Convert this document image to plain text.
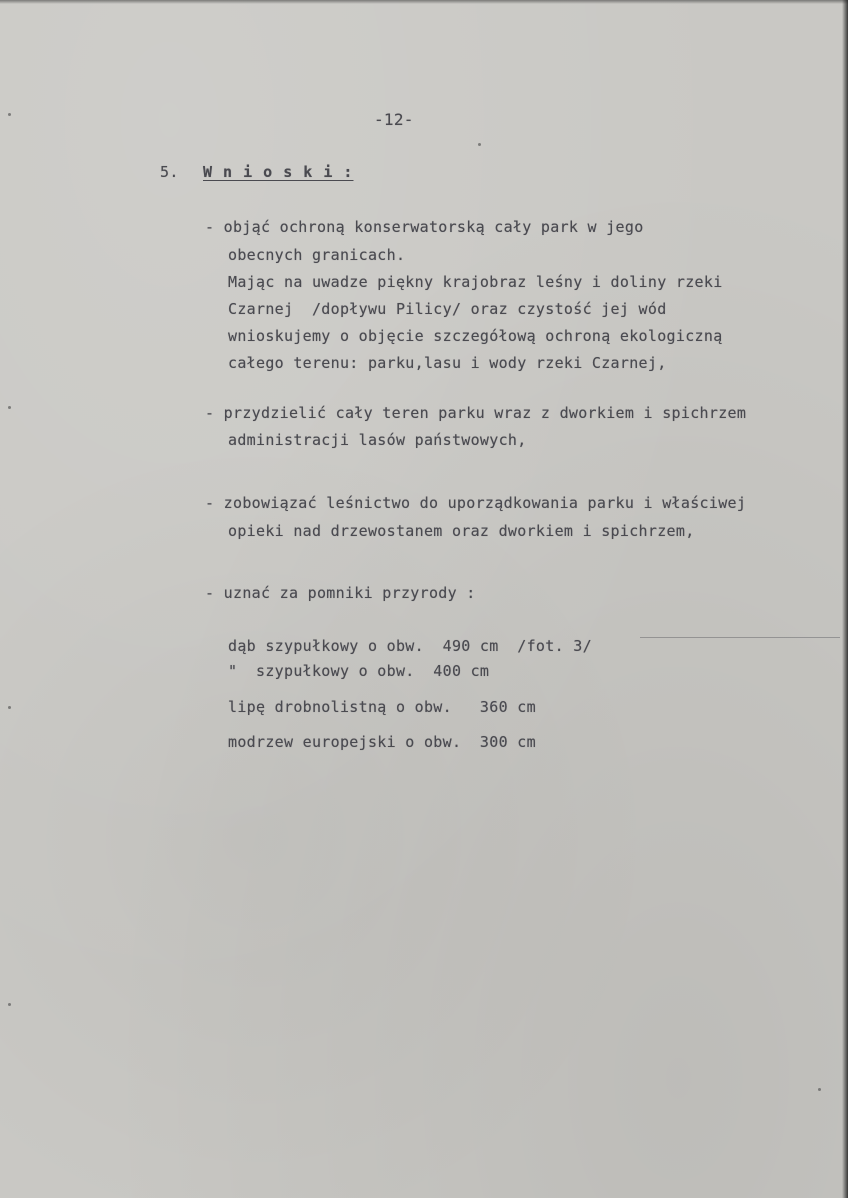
-12-
5. W n i o s k i :
- objąć ochroną konserwatorską cały park w jego
obecnych granicach.
Mając na uwadze piękny krajobraz leśny i doliny rzeki
Czarnej  /dopływu Pilicy/ oraz czystość jej wód
wnioskujemy o objęcie szczegółową ochroną ekologiczną
całego terenu: parku,lasu i wody rzeki Czarnej,
- przydzielić cały teren parku wraz z dworkiem i spichrzem
administracji lasów państwowych,
- zobowiązać leśnictwo do uporządkowania parku i właściwej
opieki nad drzewostanem oraz dworkiem i spichrzem,
- uznać za pomniki przyrody :
dąb szypułkowy o obw.  490 cm  /fot. 3/
"  szypułkowy o obw.  400 cm
lipę drobnolistną o obw.   360 cm
modrzew europejski o obw.  300 cm
